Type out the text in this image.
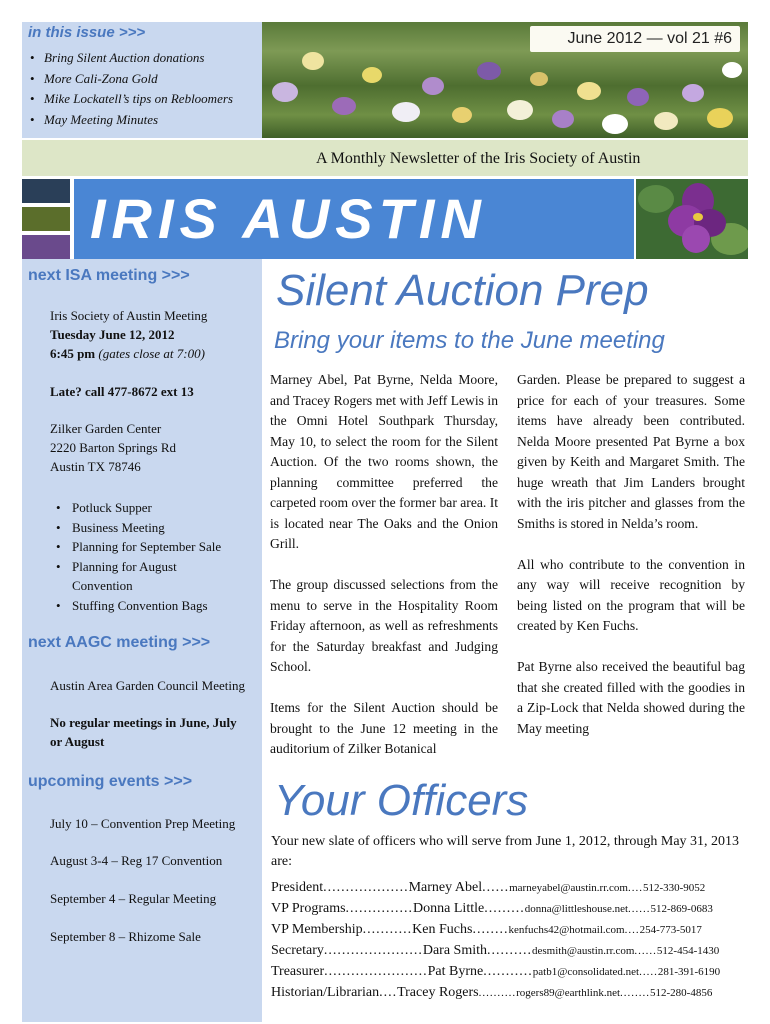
in this issue >>>
• Bring Silent Auction donations
• More Cali-Zona Gold
• Mike Lockatell’s tips on Rebloomers
• May Meeting Minutes
June 2012 — vol 21 #6
A Monthly Newsletter of the Iris Society of Austin
IRIS AUSTIN
next ISA meeting >>>
Iris Society of Austin Meeting
Tuesday June 12, 2012
6:45 pm (gates close at 7:00)
Late? call 477-8672 ext 13
Zilker Garden Center
2220 Barton Springs Rd
Austin TX 78746
• Potluck Supper
• Business Meeting
• Planning for September Sale
• Planning for August Convention
• Stuffing Convention Bags
next AAGC meeting >>>
Austin Area Garden Council Meeting
No regular meetings in June, July or August
upcoming events >>>
July 10 – Convention Prep Meeting
August 3-4 – Reg 17 Convention
September 4 – Regular Meeting
September 8 – Rhizome Sale
Silent Auction Prep
Bring your items to the June meeting

Marney Abel, Pat Byrne, Nelda Moore, and Tracey Rogers met with Jeff Lewis in the Omni Hotel Southpark Thursday, May 10, to select the room for the Silent Auction. Of the two rooms shown, the planning committee preferred the carpeted room over the former bar area. It is located near The Oaks and the Onion Grill.

The group discussed selections from the menu to serve in the Hospitality Room Friday afternoon, as well as refreshments for the Saturday breakfast and Judging School.

Items for the Silent Auction should be brought to the June 12 meeting in the auditorium of Zilker Botanical

Garden. Please be prepared to suggest a price for each of your treasures. Some items have already been contributed. Nelda Moore presented Pat Byrne a box given by Keith and Margaret Smith. The huge wreath that Jim Landers brought with the iris pitcher and glasses from the Smiths is stored in Nelda’s room.

All who contribute to the convention in any way will receive recognition by being listed on the program that will be created by Ken Fuchs.

Pat Byrne also received the beautiful bag that she created filled with the goodies in a Zip-Lock that Nelda showed during the May meeting

Your Officers
Your new slate of officers who will serve from June 1, 2012, through May 31, 2013 are:
President ................... Marney Abel ...... marneyabel@austin.rr.com .... 512-330-9052
VP Programs ............... Donna Little ......... donna@littleshouse.net ...... 512-869-0683
VP Membership ........... Ken Fuchs ........ kenfuchs42@hotmail.com .... 254-773-5017
Secretary ...................... Dara Smith .......... desmith@austin.rr.com ...... 512-454-1430
Treasurer ....................... Pat Byrne ........... patb1@consolidated.net ..... 281-391-6190
Historian/Librarian .... Tracey Rogers .......... rogers89@earthlink.net ........ 512-280-4856
